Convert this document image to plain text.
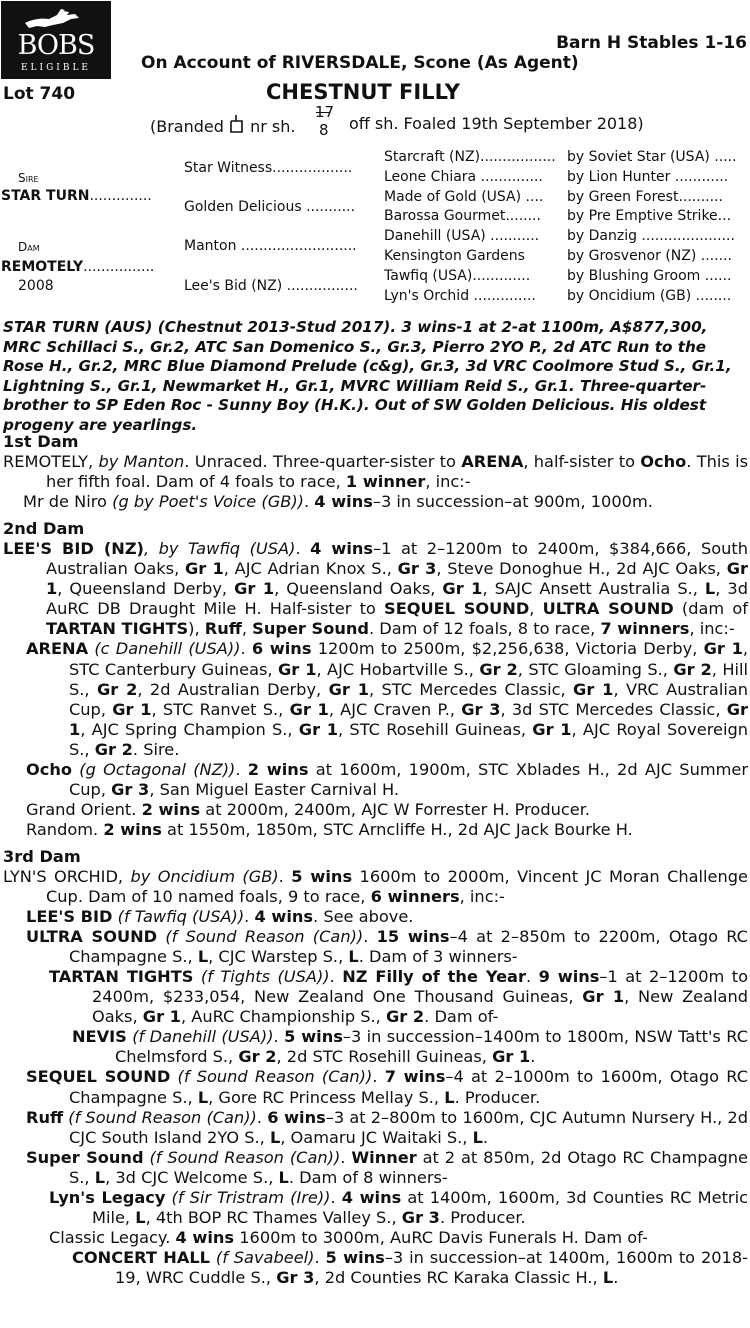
BOBS
ELIGIBLE
Barn H Stables 1-16
On Account of RIVERSDALE, Scone (As Agent)
Lot 740	CHESTNUT FILLY
(Branded nr sh.
17
8 off sh. Foaled 19th September 2018)
Sire
STAR TURN..............
Dam
REMOTELY................
2008
Star Witness..................
Golden Delicious ...........
Manton ..........................
Lee's Bid (NZ) ................
Starcraft (NZ).................
Leone Chiara ..............
Made of Gold (USA) ....
Barossa Gourmet........
Danehill (USA) ...........
Kensington Gardens
Tawfiq (USA).............
Lyn's Orchid ..............
by Soviet Star (USA) .....
by Lion Hunter ............
by Green Forest..........
by Pre Emptive Strike...
by Danzig .....................
by Grosvenor (NZ) .......
by Blushing Groom ......
by Oncidium (GB) ........
STAR TURN (AUS) (Chestnut 2013-Stud 2017). 3 wins-1 at 2-at 1100m, A$877,300, MRC Schillaci S., Gr.2, ATC San Domenico S., Gr.3, Pierro 2YO P., 2d ATC Run to the Rose H., Gr.2, MRC Blue Diamond Prelude (c&g), Gr.3, 3d VRC Coolmore Stud S., Gr.1, Lightning S., Gr.1, Newmarket H., Gr.1, MVRC William Reid S., Gr.1. Three-quarter-brother to SP Eden Roc - Sunny Boy (H.K.). Out of SW Golden Delicious. His oldest progeny are yearlings.
1st Dam
REMOTELY, by Manton. Unraced. Three-quarter-sister to ARENA, half-sister to Ocho. This is her fifth foal. Dam of 4 foals to race, 1 winner, inc:-
Mr de Niro (g by Poet's Voice (GB)). 4 wins–3 in succession–at 900m, 1000m.
2nd Dam
LEE'S BID (NZ), by Tawfiq (USA). 4 wins–1 at 2–1200m to 2400m, $384,666, South Australian Oaks, Gr 1, AJC Adrian Knox S., Gr 3, Steve Donoghue H., 2d AJC Oaks, Gr 1, Queensland Derby, Gr 1, Queensland Oaks, Gr 1, SAJC Ansett Australia S., L, 3d AuRC DB Draught Mile H. Half-sister to SEQUEL SOUND, ULTRA SOUND (dam of TARTAN TIGHTS), Ruff, Super Sound. Dam of 12 foals, 8 to race, 7 winners, inc:-
ARENA (c Danehill (USA)). 6 wins 1200m to 2500m, $2,256,638, Victoria Derby, Gr 1, STC Canterbury Guineas, Gr 1, AJC Hobartville S., Gr 2, STC Gloaming S., Gr 2, Hill S., Gr 2, 2d Australian Derby, Gr 1, STC Mercedes Classic, Gr 1, VRC Australian Cup, Gr 1, STC Ranvet S., Gr 1, AJC Craven P., Gr 3, 3d STC Mercedes Classic, Gr 1, AJC Spring Champion S., Gr 1, STC Rosehill Guineas, Gr 1, AJC Royal Sovereign S., Gr 2. Sire.
Ocho (g Octagonal (NZ)). 2 wins at 1600m, 1900m, STC Xblades H., 2d AJC Summer Cup, Gr 3, San Miguel Easter Carnival H.
Grand Orient. 2 wins at 2000m, 2400m, AJC W Forrester H. Producer.
Random. 2 wins at 1550m, 1850m, STC Arncliffe H., 2d AJC Jack Bourke H.
3rd Dam
LYN'S ORCHID, by Oncidium (GB). 5 wins 1600m to 2000m, Vincent JC Moran Challenge Cup. Dam of 10 named foals, 9 to race, 6 winners, inc:-
LEE'S BID (f Tawfiq (USA)). 4 wins. See above.
ULTRA SOUND (f Sound Reason (Can)). 15 wins–4 at 2–850m to 2200m, Otago RC Champagne S., L, CJC Warstep S., L. Dam of 3 winners-
TARTAN TIGHTS (f Tights (USA)). NZ Filly of the Year. 9 wins–1 at 2–1200m to 2400m, $233,054, New Zealand One Thousand Guineas, Gr 1, New Zealand Oaks, Gr 1, AuRC Championship S., Gr 2. Dam of-
NEVIS (f Danehill (USA)). 5 wins–3 in succession–1400m to 1800m, NSW Tatt's RC Chelmsford S., Gr 2, 2d STC Rosehill Guineas, Gr 1.
SEQUEL SOUND (f Sound Reason (Can)). 7 wins–4 at 2–1000m to 1600m, Otago RC Champagne S., L, Gore RC Princess Mellay S., L. Producer.
Ruff (f Sound Reason (Can)). 6 wins–3 at 2–800m to 1600m, CJC Autumn Nursery H., 2d CJC South Island 2YO S., L, Oamaru JC Waitaki S., L.
Super Sound (f Sound Reason (Can)). Winner at 2 at 850m, 2d Otago RC Champagne S., L, 3d CJC Welcome S., L. Dam of 8 winners-
Lyn's Legacy (f Sir Tristram (Ire)). 4 wins at 1400m, 1600m, 3d Counties RC Metric Mile, L, 4th BOP RC Thames Valley S., Gr 3. Producer.
Classic Legacy. 4 wins 1600m to 3000m, AuRC Davis Funerals H. Dam of-
CONCERT HALL (f Savabeel). 5 wins–3 in succession–at 1400m, 1600m to 2018-19, WRC Cuddle S., Gr 3, 2d Counties RC Karaka Classic H., L.
